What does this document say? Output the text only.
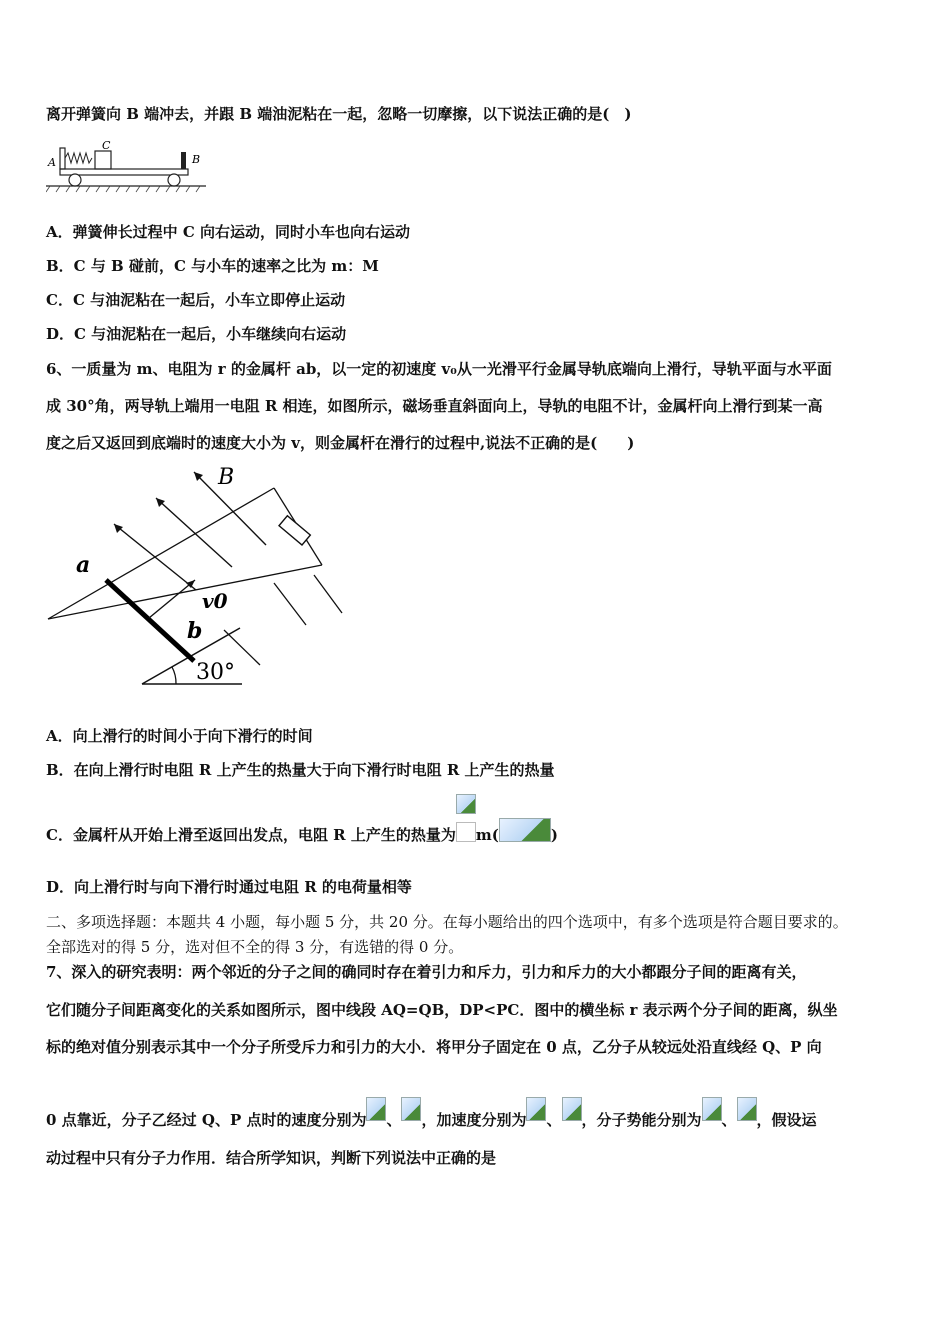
离开弹簧向 B 端冲去，并跟 B 端油泥粘在一起，忽略一切摩擦，以下说法正确的是(　)
C
A	B
A．弹簧伸长过程中 C 向右运动，同时小车也向右运动
B．C 与 B 碰前，C 与小车的速率之比为 m：M
C．C 与油泥粘在一起后，小车立即停止运动
D．C 与油泥粘在一起后，小车继续向右运动
6、一质量为 m、电阻为 r 的金属杆 ab，以一定的初速度 v₀从一光滑平行金属导轨底端向上滑行，导轨平面与水平面
成 30°角，两导轨上端用一电阻 R 相连，如图所示，磁场垂直斜面向上，导轨的电阻不计，金属杆向上滑行到某一高
度之后又返回到底端时的速度大小为 v，则金属杆在滑行的过程中,说法不正确的是(　　)
30°
B
a
b
v0
A．向上滑行的时间小于向下滑行的时间
B．在向上滑行时电阻 R 上产生的热量大于向下滑行时电阻 R 上产生的热量
C．金属杆从开始上滑至返回出发点，电阻 R 上产生的热量为 m(	)
D．向上滑行时与向下滑行时通过电阻 R 的电荷量相等
二、多项选择题：本题共 4 小题，每小题 5 分，共 20 分。在每小题给出的四个选项中，有多个选项是符合题目要求的。
全部选对的得 5 分，选对但不全的得 3 分，有选错的得 0 分。
7、深入的研究表明：两个邻近的分子之间的确同时存在着引力和斥力，引力和斥力的大小都跟分子间的距离有关，
它们随分子间距离变化的关系如图所示，图中线段 AQ=QB，DP<PC．图中的横坐标 r 表示两个分子间的距离，纵坐
标的绝对值分别表示其中一个分子所受斥力和引力的大小．将甲分子固定在 0 点，乙分子从较远处沿直线经 Q、P 向
0 点靠近，分子乙经过 Q、P 点时的速度分别为 、 ，加速度分别为 、 ，分子势能分别为 、 ，假设运
动过程中只有分子力作用．结合所学知识，判断下列说法中正确的是
